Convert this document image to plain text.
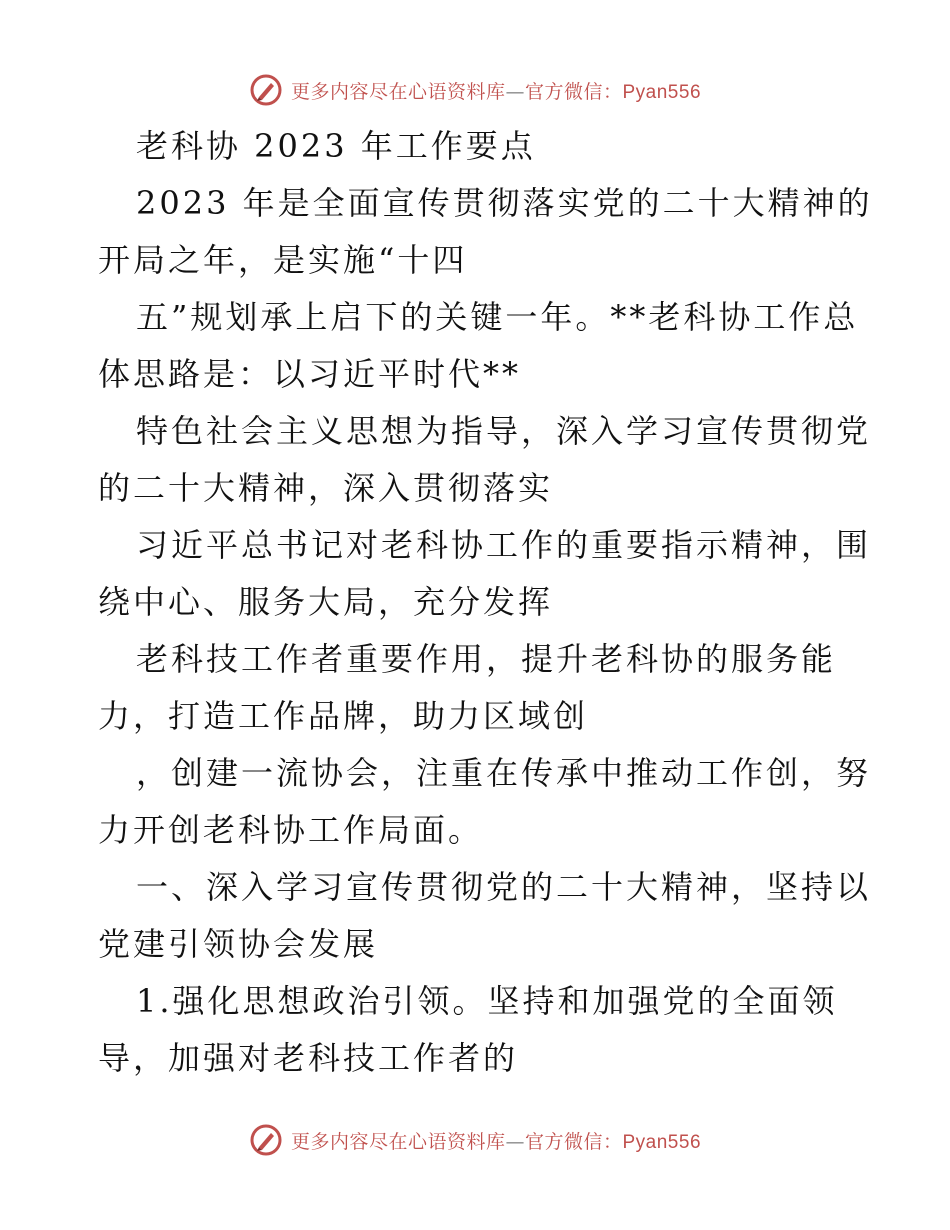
更多内容尽在心语资料库—官方微信：Pyan556
老科协 2023 年工作要点
2023 年是全面宣传贯彻落实党的二十大精神的
开局之年，是实施“十四
五”规划承上启下的关键一年。**老科协工作总
体思路是：以习近平时代**
特色社会主义思想为指导，深入学习宣传贯彻党
的二十大精神，深入贯彻落实
习近平总书记对老科协工作的重要指示精神，围
绕中心、服务大局，充分发挥
老科技工作者重要作用，提升老科协的服务能
力，打造工作品牌，助力区域创
，创建一流协会，注重在传承中推动工作创，努
力开创老科协工作局面。
一、深入学习宣传贯彻党的二十大精神，坚持以
党建引领协会发展
1.强化思想政治引领。坚持和加强党的全面领
导，加强对老科技工作者的
更多内容尽在心语资料库—官方微信：Pyan556
